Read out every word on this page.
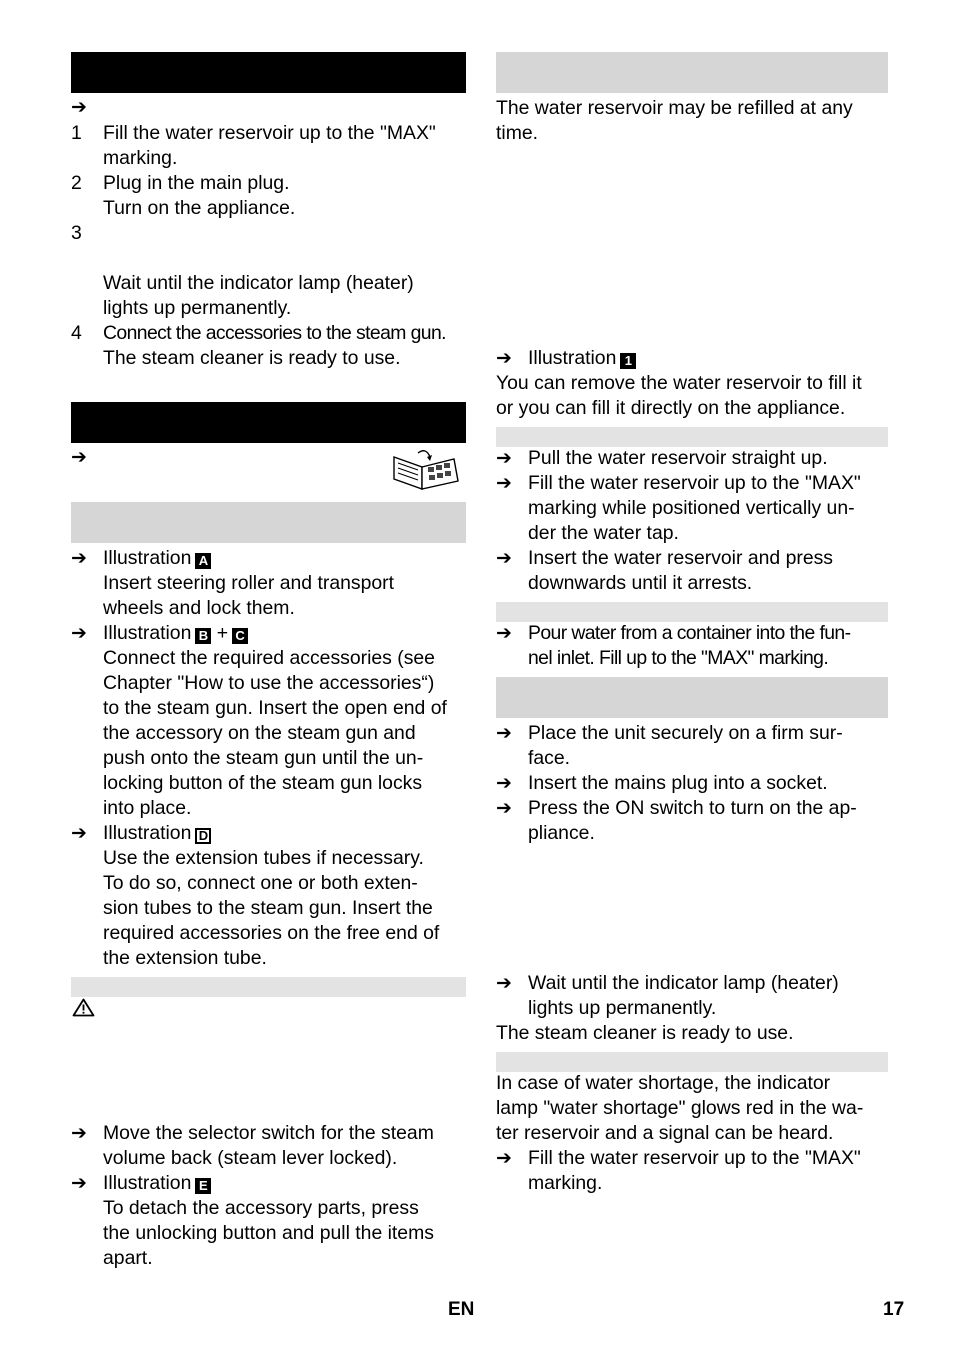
➔
1 Fill the water reservoir up to the "MAX"
marking.
2 Plug in the main plug.
Turn on the appliance.
3
Wait until the indicator lamp (heater)
lights up permanently.
4 Connect the accessories to the steam gun.
The steam cleaner is ready to use.
➔
➔ Illustration A
Insert steering roller and transport
wheels and lock them.
➔ Illustration B + C
Connect the required accessories (see
Chapter "How to use the accessories“)
to the steam gun. Insert the open end of
the accessory on the steam gun and
push onto the steam gun until the un-
locking button of the steam gun locks
into place.
➔ Illustration D
Use the extension tubes if necessary.
To do so, connect one or both exten-
sion tubes to the steam gun. Insert the
required accessories on the free end of
the extension tube.
➔ Move the selector switch for the steam
volume back (steam lever locked).
➔ Illustration E
To detach the accessory parts, press
the unlocking button and pull the items
apart.
The water reservoir may be refilled at any
time.
➔ Illustration 1
You can remove the water reservoir to fill it
or you can fill it directly on the appliance.
➔ Pull the water reservoir straight up.
➔ Fill the water reservoir up to the "MAX"
marking while positioned vertically un-
der the water tap.
➔ Insert the water reservoir and press
downwards until it arrests.
➔ Pour water from a container into the fun-
nel inlet. Fill up to the "MAX" marking.
➔ Place the unit securely on a firm sur-
face.
➔ Insert the mains plug into a socket.
➔ Press the ON switch to turn on the ap-
pliance.
➔ Wait until the indicator lamp (heater)
lights up permanently.
The steam cleaner is ready to use.
In case of water shortage, the indicator
lamp "water shortage" glows red in the wa-
ter reservoir and a signal can be heard.
➔ Fill the water reservoir up to the "MAX"
marking.
EN	17
